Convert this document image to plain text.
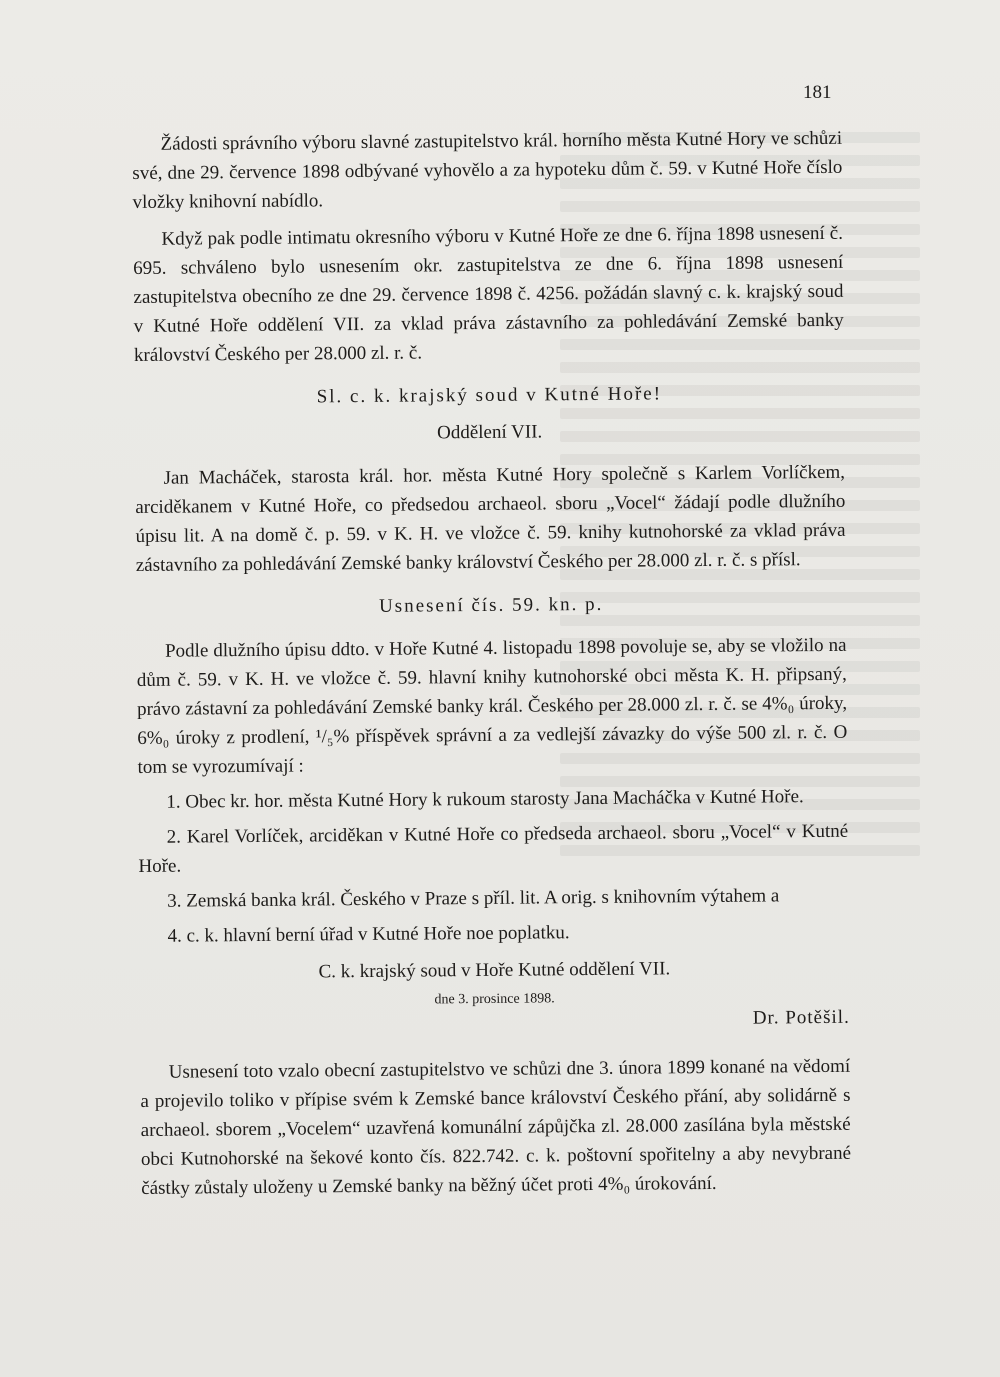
181

Žádosti správního výboru slavné zastupitelstvo král. horního města Kutné Hory ve schůzi své, dne 29. července 1898 odbývané vyhovělo a za hypoteku dům č. 59. v Kutné Hoře číslo vložky knihovní nabídlo.

Když pak podle intimatu okresního výboru v Kutné Hoře ze dne 6. října 1898 usnesení č. 695. schváleno bylo usnesením okr. zastupitelstva ze dne 6. října 1898 usnesení zastupitelstva obecního ze dne 29. července 1898 č. 4256. požádán slavný c. k. krajský soud v Kutné Hoře oddělení VII. za vklad práva zástavního za pohledávání Zemské banky království Českého per 28.000 zl. r. č.

Sl. c. k. krajský soud v Kutné Hoře!

Oddělení VII.

Jan Macháček, starosta král. hor. města Kutné Hory společně s Karlem Vorlíčkem, arciděkanem v Kutné Hoře, co předsedou archaeol. sboru „Vocel“ žádají podle dlužního úpisu lit. A na domě č. p. 59. v K. H. ve vložce č. 59. knihy kutnohorské za vklad práva zástavního za pohledávání Zemské banky království Českého per 28.000 zl. r. č. s přísl.

Usnesení čís. 59. kn. p.

Podle dlužního úpisu ddto. v Hoře Kutné 4. listopadu 1898 povoluje se, aby se vložilo na dům č. 59. v K. H. ve vložce č. 59. hlavní knihy kutnohorské obci města K. H. připsaný, právo zástavní za pohledávání Zemské banky král. Českého per 28.000 zl. r. č. se 4%₀ úroky, 6%₀ úroky z prodlení, ¹/₅% příspěvek správní a za vedlejší závazky do výše 500 zl. r. č. O tom se vyrozumívají :

1. Obec kr. hor. města Kutné Hory k rukoum starosty Jana Macháčka v Kutné Hoře.

2. Karel Vorlíček, arciděkan v Kutné Hoře co předseda archaeol. sboru „Vocel“ v Kutné Hoře.

3. Zemská banka král. Českého v Praze s příl. lit. A orig. s knihovním výtahem a

4. c. k. hlavní berní úřad v Kutné Hoře noe poplatku.

C. k. krajský soud v Hoře Kutné oddělení VII.

dne 3. prosince 1898.

Dr. Potěšil.

Usnesení toto vzalo obecní zastupitelstvo ve schůzi dne 3. února 1899 konané na vědomí a projevilo toliko v přípise svém k Zemské bance království Českého přání, aby solidárně s archaeol. sborem „Vocelem“ uzavřená komunální zápůjčka zl. 28.000 zasílána byla městské obci Kutnohorské na šekové konto čís. 822.742. c. k. poštovní spořitelny a aby nevybrané částky zůstaly uloženy u Zemské banky na běžný účet proti 4%₀ úrokování.
